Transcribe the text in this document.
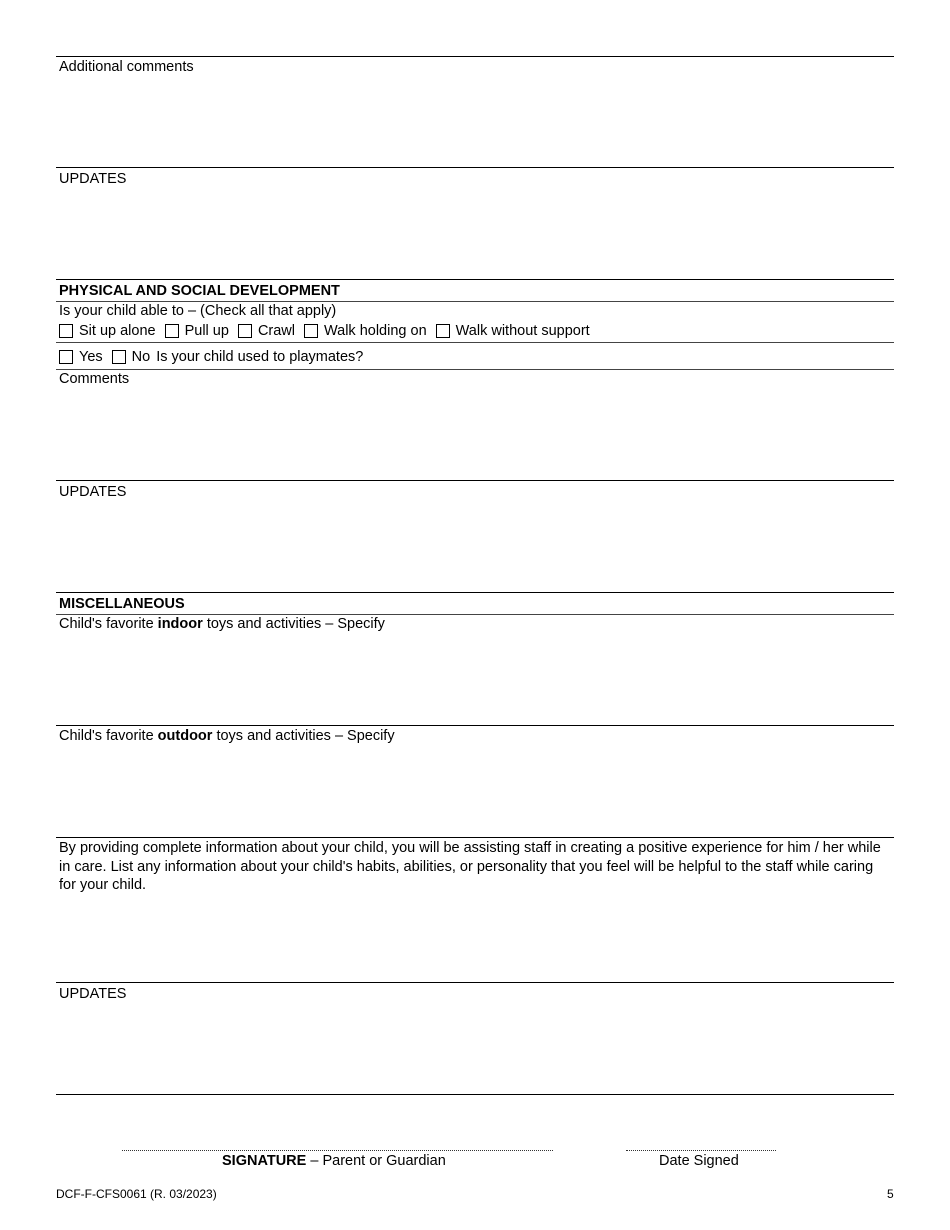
Additional comments
UPDATES
PHYSICAL AND SOCIAL DEVELOPMENT
Is your child able to – (Check all that apply)
Sit up alone Pull up Crawl Walk holding on Walk without support
Yes No Is your child used to playmates?
Comments
UPDATES
MISCELLANEOUS
Child's favorite indoor toys and activities – Specify
Child's favorite outdoor toys and activities – Specify
By providing complete information about your child, you will be assisting staff in creating a positive experience for him / her while in care. List any information about your child's habits, abilities, or personality that you feel will be helpful to the staff while caring for your child.
UPDATES
SIGNATURE – Parent or Guardian	Date Signed
DCF-F-CFS0061 (R. 03/2023)	5
